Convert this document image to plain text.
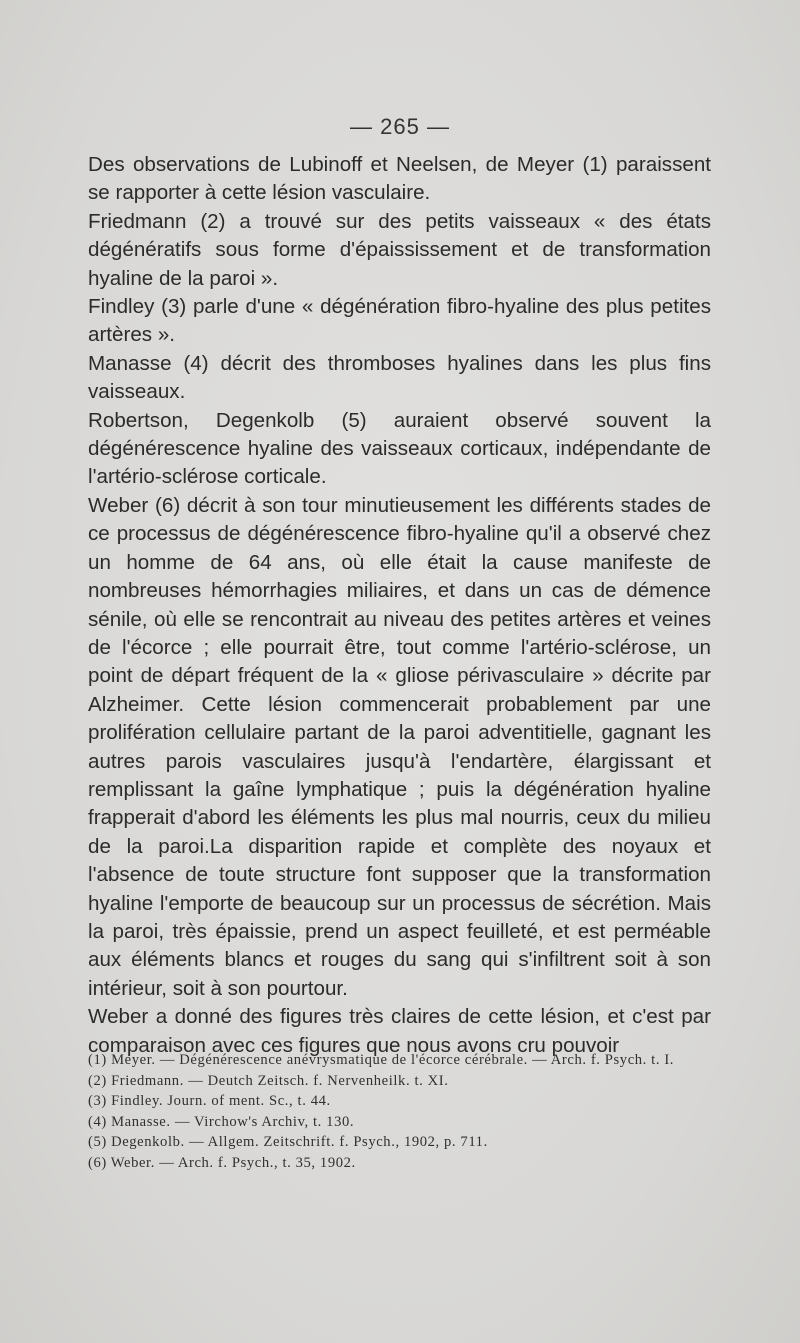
— 265 —

Des observations de Lubinoff et Neelsen, de Meyer (1) paraissent se rapporter à cette lésion vasculaire.

Friedmann (2) a trouvé sur des petits vaisseaux « des états dégénératifs sous forme d'épaississement et de transformation hyaline de la paroi ».

Findley (3) parle d'une « dégénération fibro-hyaline des plus petites artères ».

Manasse (4) décrit des thromboses hyalines dans les plus fins vaisseaux.

Robertson, Degenkolb (5) auraient observé souvent la dégénérescence hyaline des vaisseaux corticaux, indépendante de l'artério-sclérose corticale.

Weber (6) décrit à son tour minutieusement les différents stades de ce processus de dégénérescence fibro-hyaline qu'il a observé chez un homme de 64 ans, où elle était la cause manifeste de nombreuses hémorrhagies miliaires, et dans un cas de démence sénile, où elle se rencontrait au niveau des petites artères et veines de l'écorce ; elle pourrait être, tout comme l'artério-sclérose, un point de départ fréquent de la « gliose périvasculaire » décrite par Alzheimer. Cette lésion commencerait probablement par une prolifération cellulaire partant de la paroi adventitielle, gagnant les autres parois vasculaires jusqu'à l'endartère, élargissant et remplissant la gaîne lymphatique ; puis la dégénération hyaline frapperait d'abord les éléments les plus mal nourris, ceux du milieu de la paroi.La disparition rapide et complète des noyaux et l'absence de toute structure font supposer que la transformation hyaline l'emporte de beaucoup sur un processus de sécrétion. Mais la paroi, très épaissie, prend un aspect feuilleté, et est perméable aux éléments blancs et rouges du sang qui s'infiltrent soit à son intérieur, soit à son pourtour.

Weber a donné des figures très claires de cette lésion, et c'est par comparaison avec ces figures que nous avons cru pouvoir

(1) Meyer. — Dégénérescence anévrysmatique de l'écorce cérébrale. — Arch. f. Psych. t. I.

(2) Friedmann. — Deutch Zeitsch. f. Nervenheilk. t. XI.

(3) Findley. Journ. of ment. Sc., t. 44.

(4) Manasse. — Virchow's Archiv, t. 130.

(5) Degenkolb. — Allgem. Zeitschrift. f. Psych., 1902, p. 711.

(6) Weber. — Arch. f. Psych., t. 35, 1902.
